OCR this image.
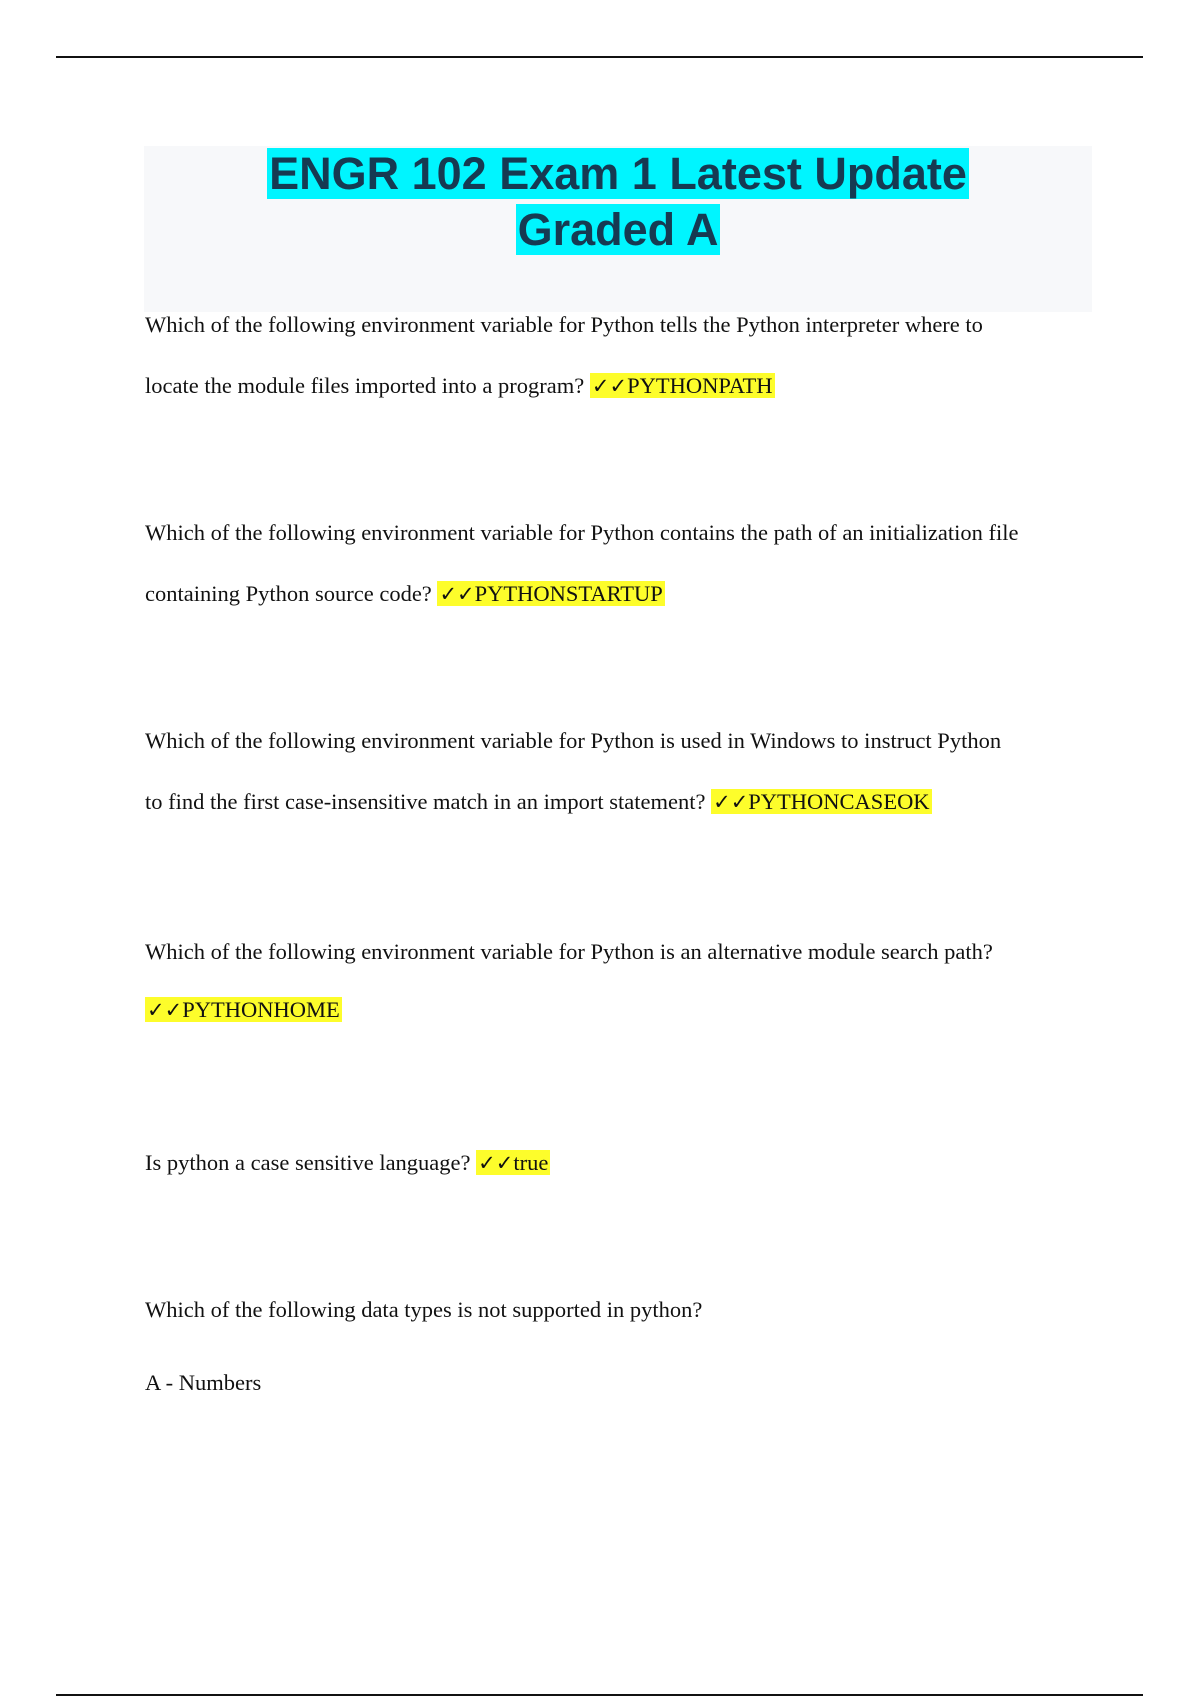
ENGR 102 Exam 1 Latest Update
Graded A
Which of the following environment variable for Python tells the Python interpreter where to
locate the module files imported into a program? ✓✓PYTHONPATH
Which of the following environment variable for Python contains the path of an initialization file
containing Python source code? ✓✓PYTHONSTARTUP
Which of the following environment variable for Python is used in Windows to instruct Python
to find the first case-insensitive match in an import statement? ✓✓PYTHONCASEOK
Which of the following environment variable for Python is an alternative module search path?
✓✓PYTHONHOME
Is python a case sensitive language? ✓✓true
Which of the following data types is not supported in python?
A - Numbers
